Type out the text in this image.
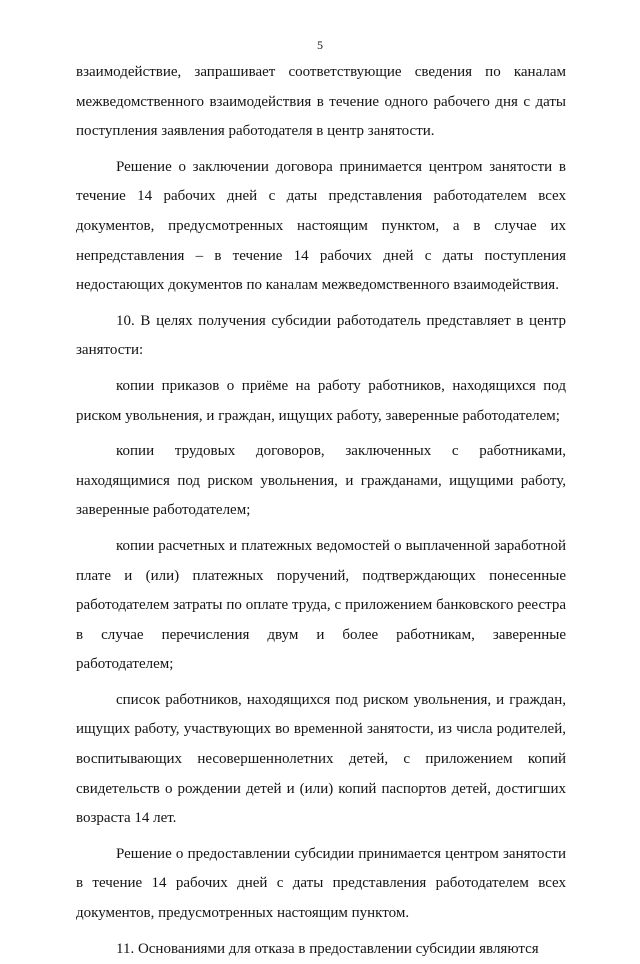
5

взаимодействие, запрашивает соответствующие сведения по каналам межведомственного взаимодействия в течение одного рабочего дня с даты поступления заявления работодателя в центр занятости.

Решение о заключении договора принимается центром занятости в течение 14 рабочих дней с даты представления работодателем всех документов, предусмотренных настоящим пунктом, а в случае их непредставления – в течение 14 рабочих дней с даты поступления недостающих документов по каналам межведомственного взаимодействия.

10. В целях получения субсидии работодатель представляет в центр занятости:

копии приказов о приёме на работу работников, находящихся под риском увольнения, и граждан, ищущих работу, заверенные работодателем;

копии трудовых договоров, заключенных с работниками, находящимися под риском увольнения, и гражданами, ищущими работу, заверенные работодателем;

копии расчетных и платежных ведомостей о выплаченной заработной плате и (или) платежных поручений, подтверждающих понесенные работодателем затраты по оплате труда, с приложением банковского реестра в случае перечисления двум и более работникам, заверенные работодателем;

список работников, находящихся под риском увольнения, и граждан, ищущих работу, участвующих во временной занятости, из числа родителей, воспитывающих несовершеннолетних детей, с приложением копий свидетельств о рождении детей и (или) копий паспортов детей, достигших возраста 14 лет.

Решение о предоставлении субсидии принимается центром занятости в течение 14 рабочих дней с даты представления работодателем всех документов, предусмотренных настоящим пунктом.

11. Основаниями для отказа в предоставлении субсидии являются
